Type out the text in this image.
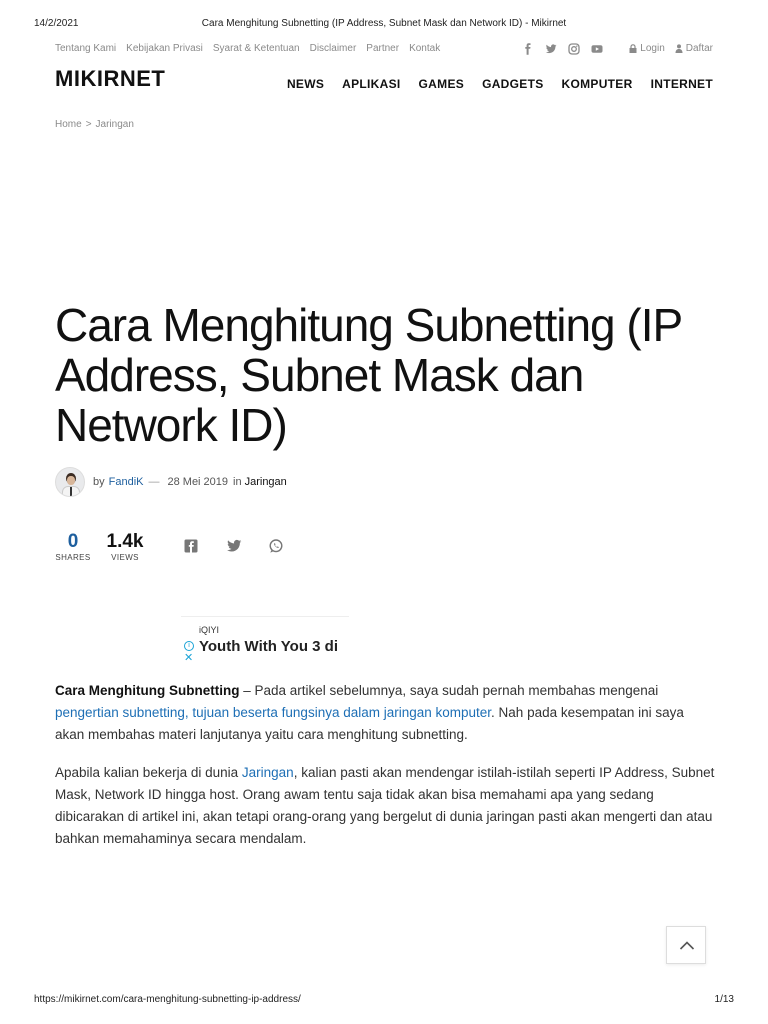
14/2/2021	Cara Menghitung Subnetting (IP Address, Subnet Mask dan Network ID) - Mikirnet
Tentang Kami Kebijakan Privasi Syarat & Ketentuan Disclaimer Partner Kontak	Login Daftar
MIKIRNET	NEWS APLIKASI GAMES GADGETS KOMPUTER INTERNET
Home > Jaringan
Cara Menghitung Subnetting (IP Address, Subnet Mask dan Network ID)
by FandiK — 28 Mei 2019 in Jaringan
0
SHARES
1.4k
VIEWS
iQIYI
Youth With You 3 di
i
✕

Cara Menghitung Subnetting – Pada artikel sebelumnya, saya sudah pernah membahas mengenai pengertian subnetting, tujuan beserta fungsinya dalam jaringan komputer. Nah pada kesempatan ini saya akan membahas materi lanjutanya yaitu cara menghitung subnetting.

Apabila kalian bekerja di dunia Jaringan, kalian pasti akan mendengar istilah-istilah seperti IP Address, Subnet Mask, Network ID hingga host. Orang awam tentu saja tidak akan bisa memahami apa yang sedang dibicarakan di artikel ini, akan tetapi orang-orang yang bergelut di dunia jaringan pasti akan mengerti dan atau bahkan memahaminya secara mendalam.

https://mikirnet.com/cara-menghitung-subnetting-ip-address/	1/13
